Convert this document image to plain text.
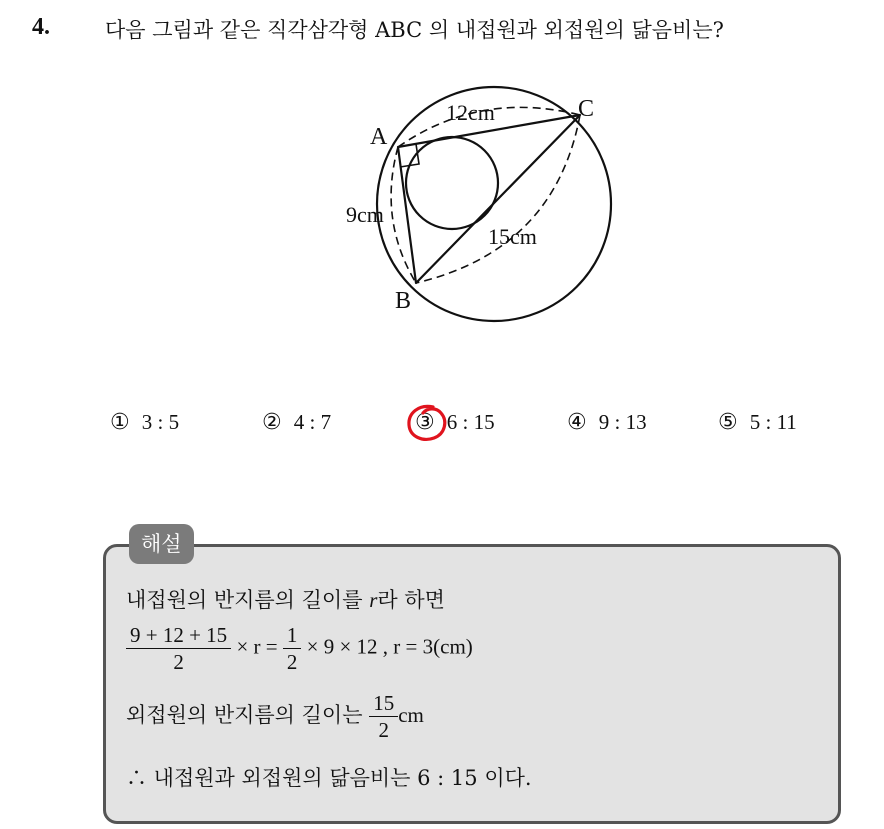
4.	다음 그림과 같은 직각삼각형 ABC 의 내접원과 외접원의 닮음비는?
A
B
C
12cm
9cm
15cm
① 3 : 5	② 4 : 7	③ 6 : 15	④ 9 : 13	⑤ 5 : 11
해설
내접원의 반지름의 길이를 r라 하면
$\frac{9 + 12 + 15}{2} \times r = \frac{1}{2} \times 9 \times 12$ , r = 3(cm)
외접원의 반지름의 길이는 $\frac{15}{2}$ cm
∴ 내접원과 외접원의 닮음비는 6 : 15 이다.
